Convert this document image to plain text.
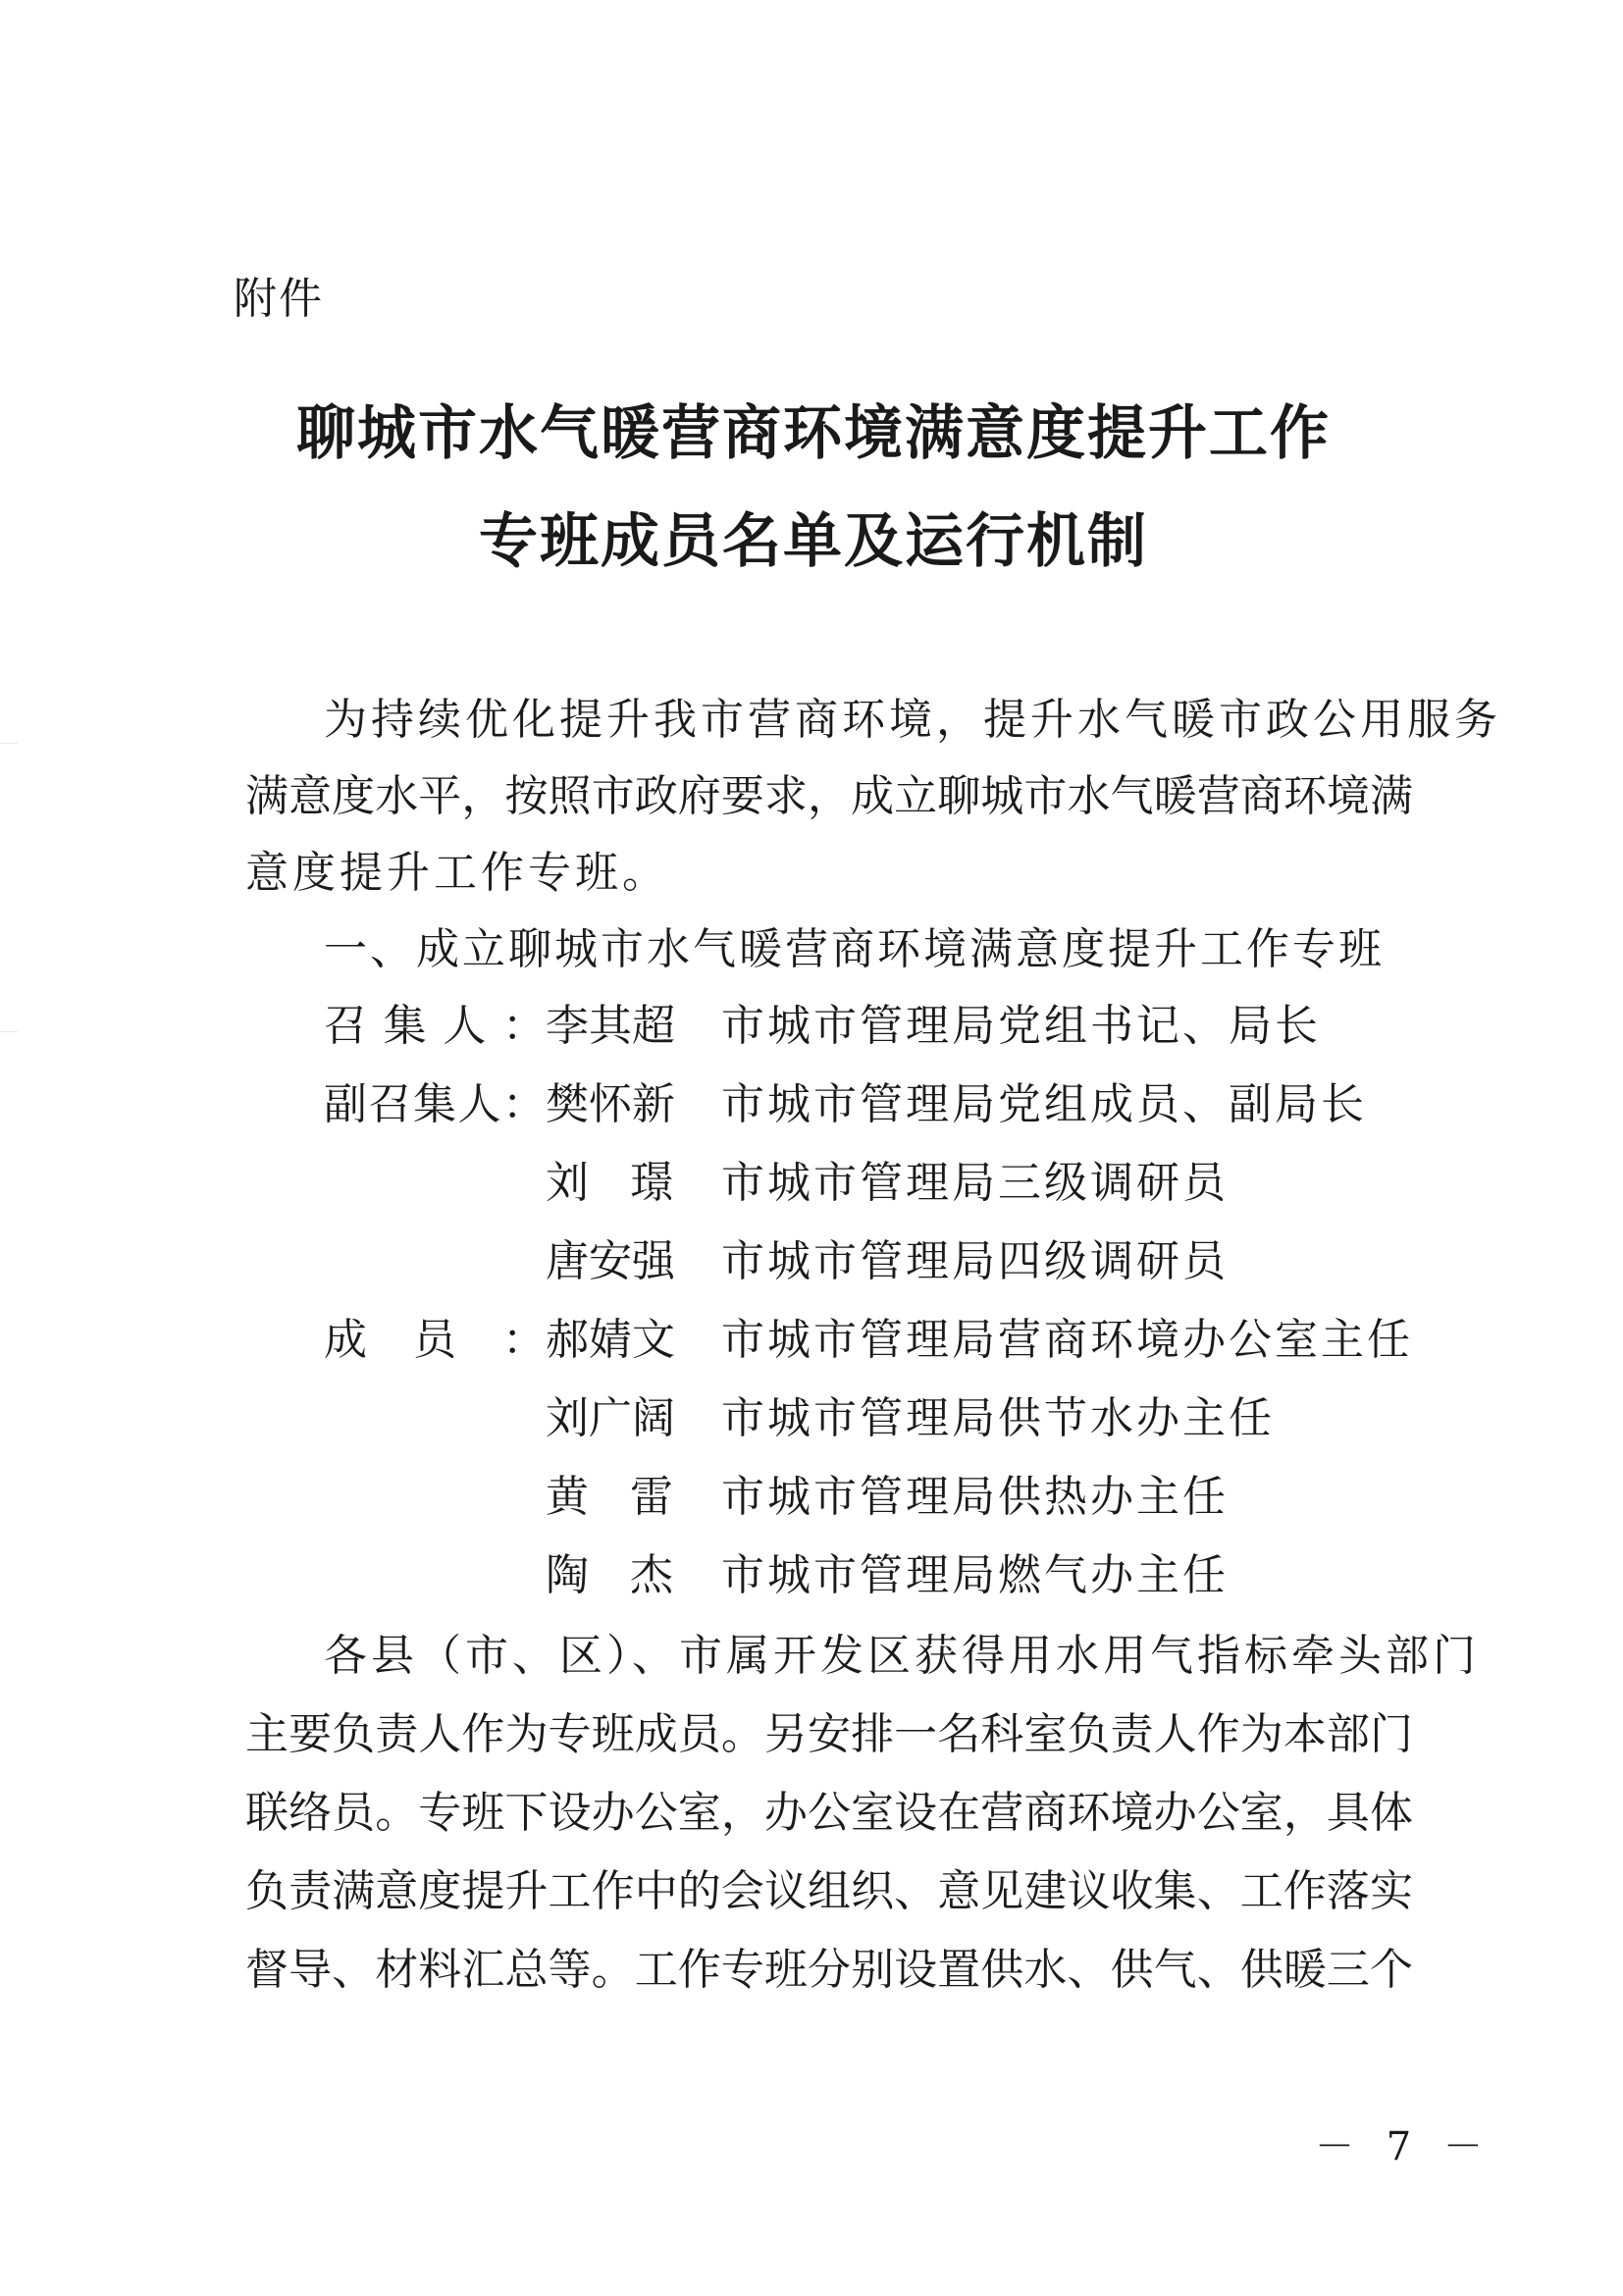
附件
聊城市水气暖营商环境满意度提升工作
专班成员名单及运行机制
为持续优化提升我市营商环境，提升水气暖市政公用服务
满意度水平，按照市政府要求，成立聊城市水气暖营商环境满
意度提升工作专班。
一、成立聊城市水气暖营商环境满意度提升工作专班
召集人： 李其超 市城市管理局党组书记、局长
副召集人： 樊怀新 市城市管理局党组成员、副局长
刘璟 市城市管理局三级调研员
唐安强 市城市管理局四级调研员
成员： 郝婧文 市城市管理局营商环境办公室主任
刘广阔 市城市管理局供节水办主任
黄雷 市城市管理局供热办主任
陶杰 市城市管理局燃气办主任
各县（市、区）、市属开发区获得用水用气指标牵头部门
主要负责人作为专班成员。另安排一名科室负责人作为本部门
联络员。专班下设办公室，办公室设在营商环境办公室，具体
负责满意度提升工作中的会议组织、意见建议收集、工作落实
督导、材料汇总等。工作专班分别设置供水、供气、供暖三个
－ 7 －
